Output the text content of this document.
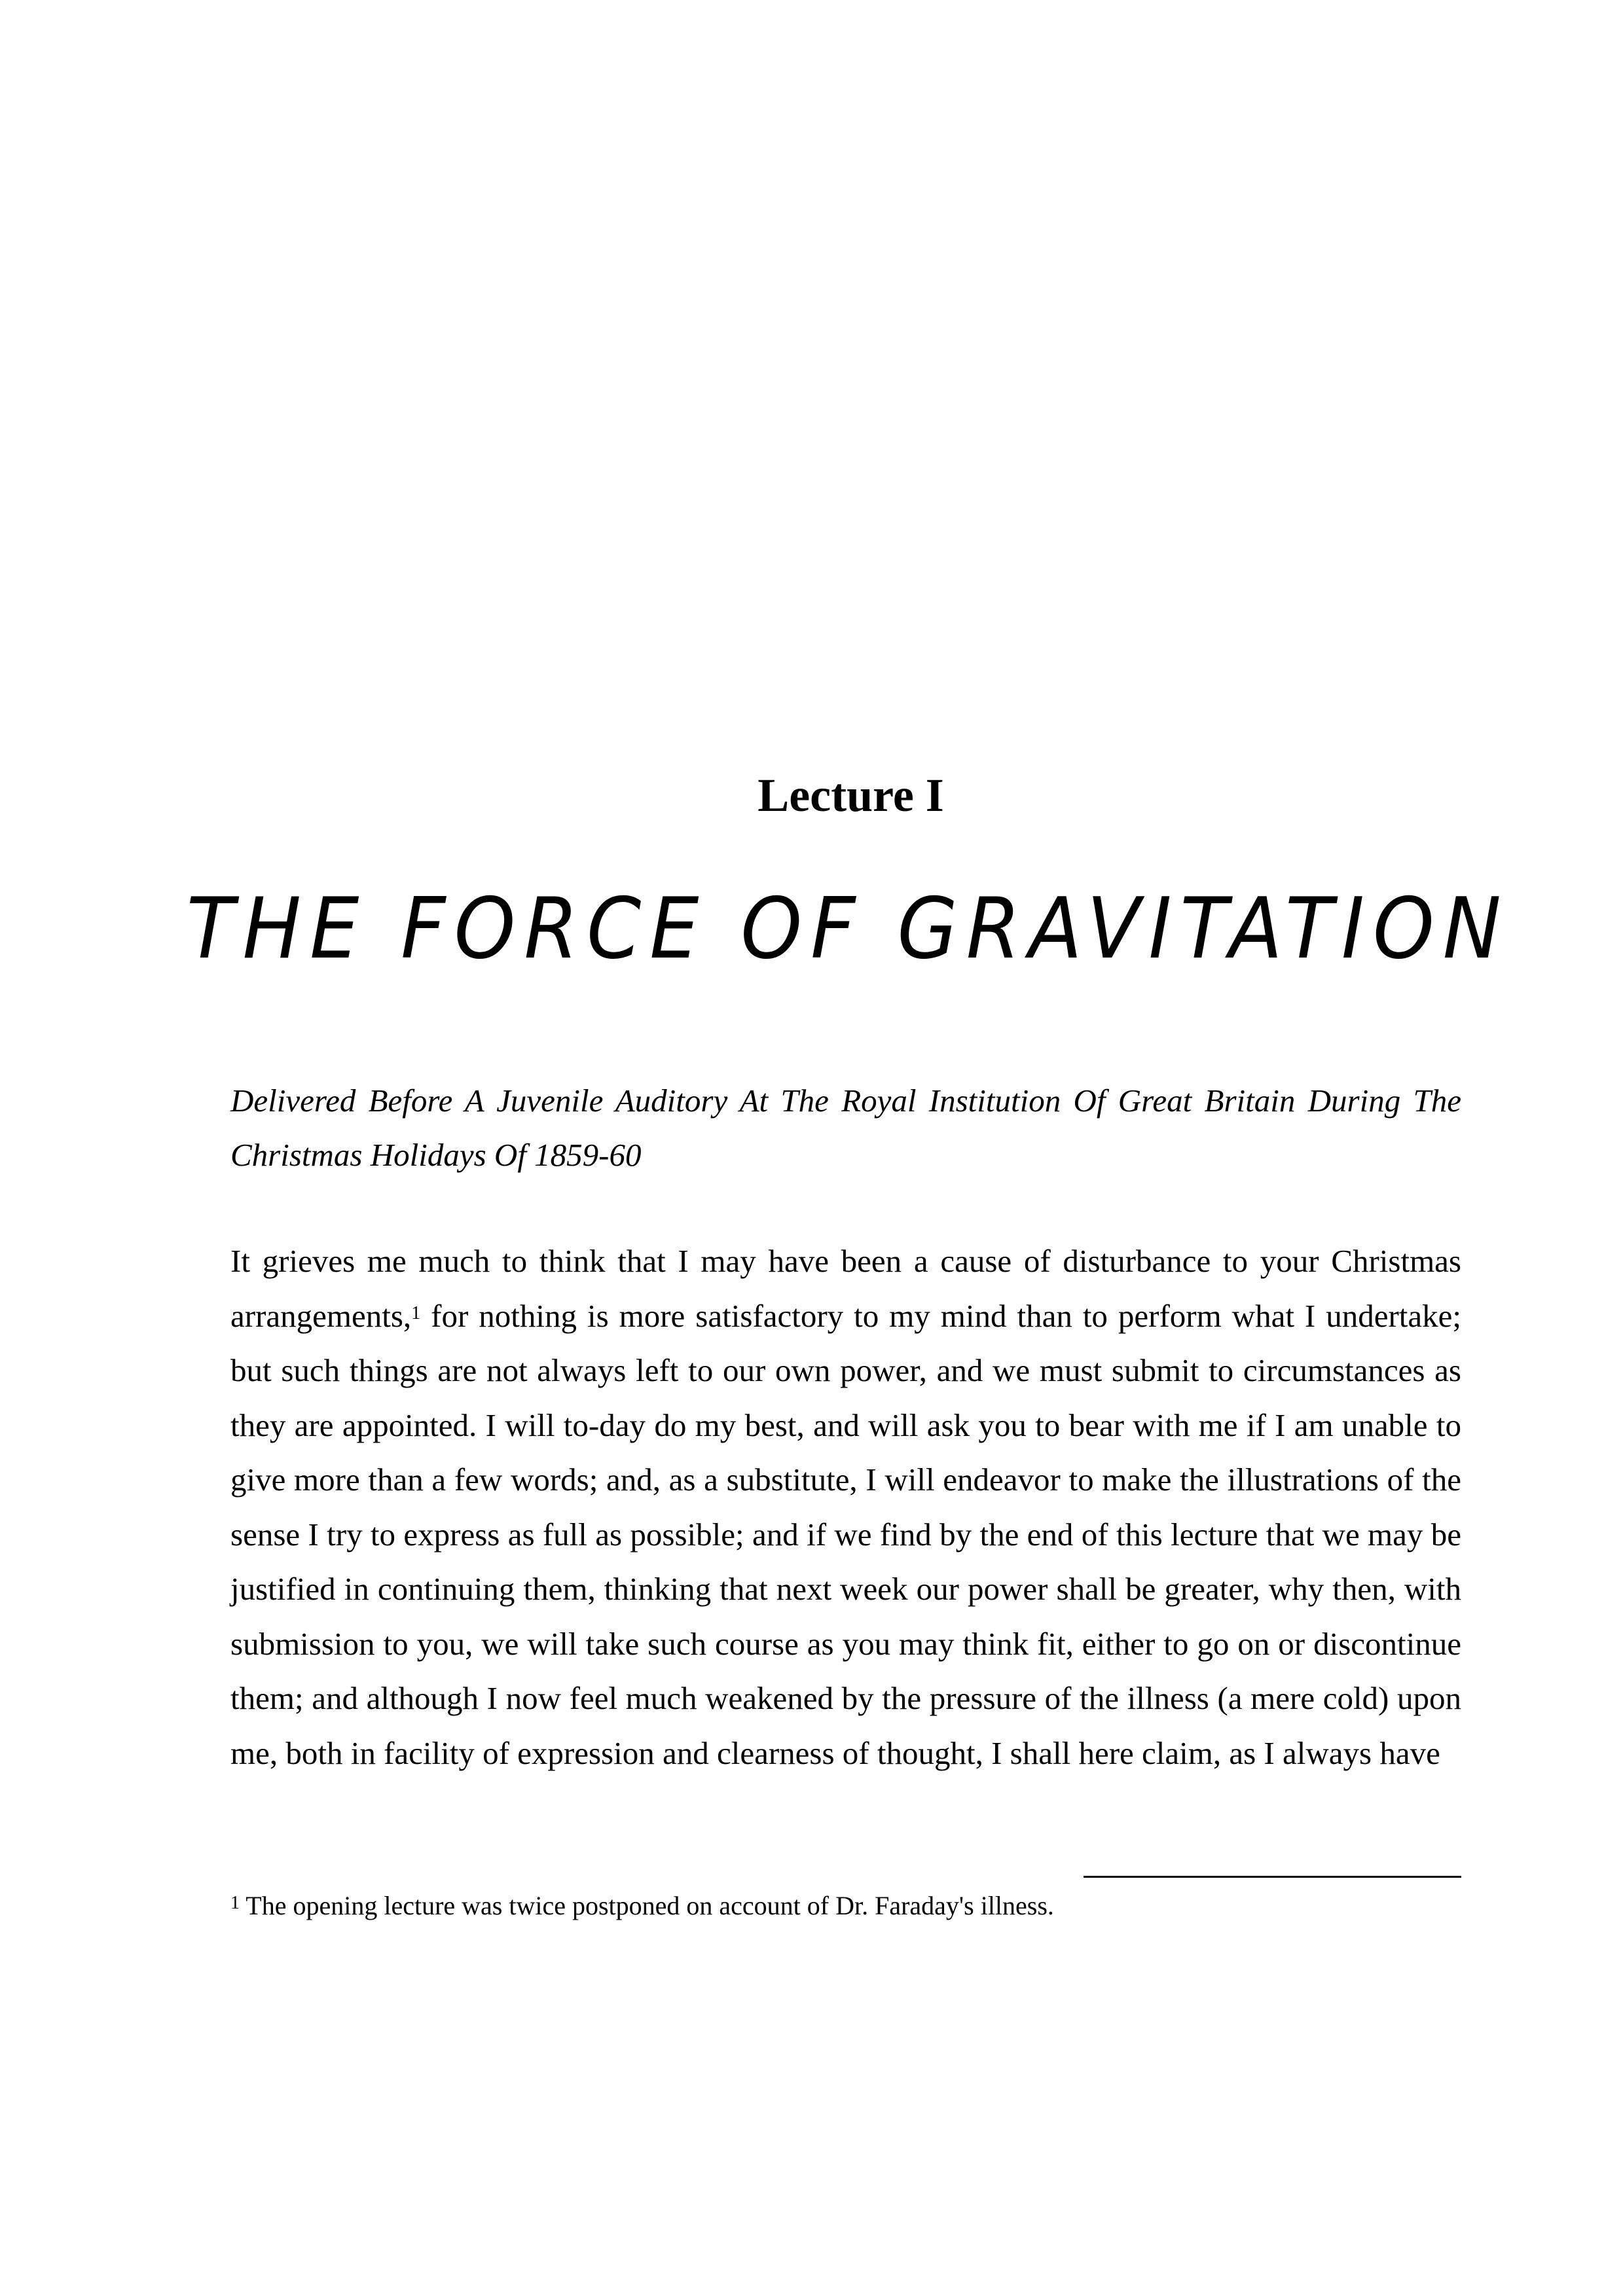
Lecture I
THE FORCE OF GRAVITATION

Delivered Before A Juvenile Auditory At The Royal Institution Of Great Britain During The Christmas Holidays Of 1859-60

It grieves me much to think that I may have been a cause of disturbance to your Christmas arrangements,$^1$ for nothing is more satisfactory to my mind than to perform what I undertake; but such things are not always left to our own power, and we must submit to circumstances as they are appointed. I will to-day do my best, and will ask you to bear with me if I am unable to give more than a few words; and, as a substitute, I will endeavor to make the illustrations of the sense I try to express as full as possible; and if we find by the end of this lecture that we may be justified in continuing them, thinking that next week our power shall be greater, why then, with submission to you, we will take such course as you may think fit, either to go on or discontinue them; and although I now feel much weakened by the pressure of the illness (a mere cold) upon me, both in facility of expression and clearness of thought, I shall here claim, as I always have

$^1$ The opening lecture was twice postponed on account of Dr. Faraday's illness.
